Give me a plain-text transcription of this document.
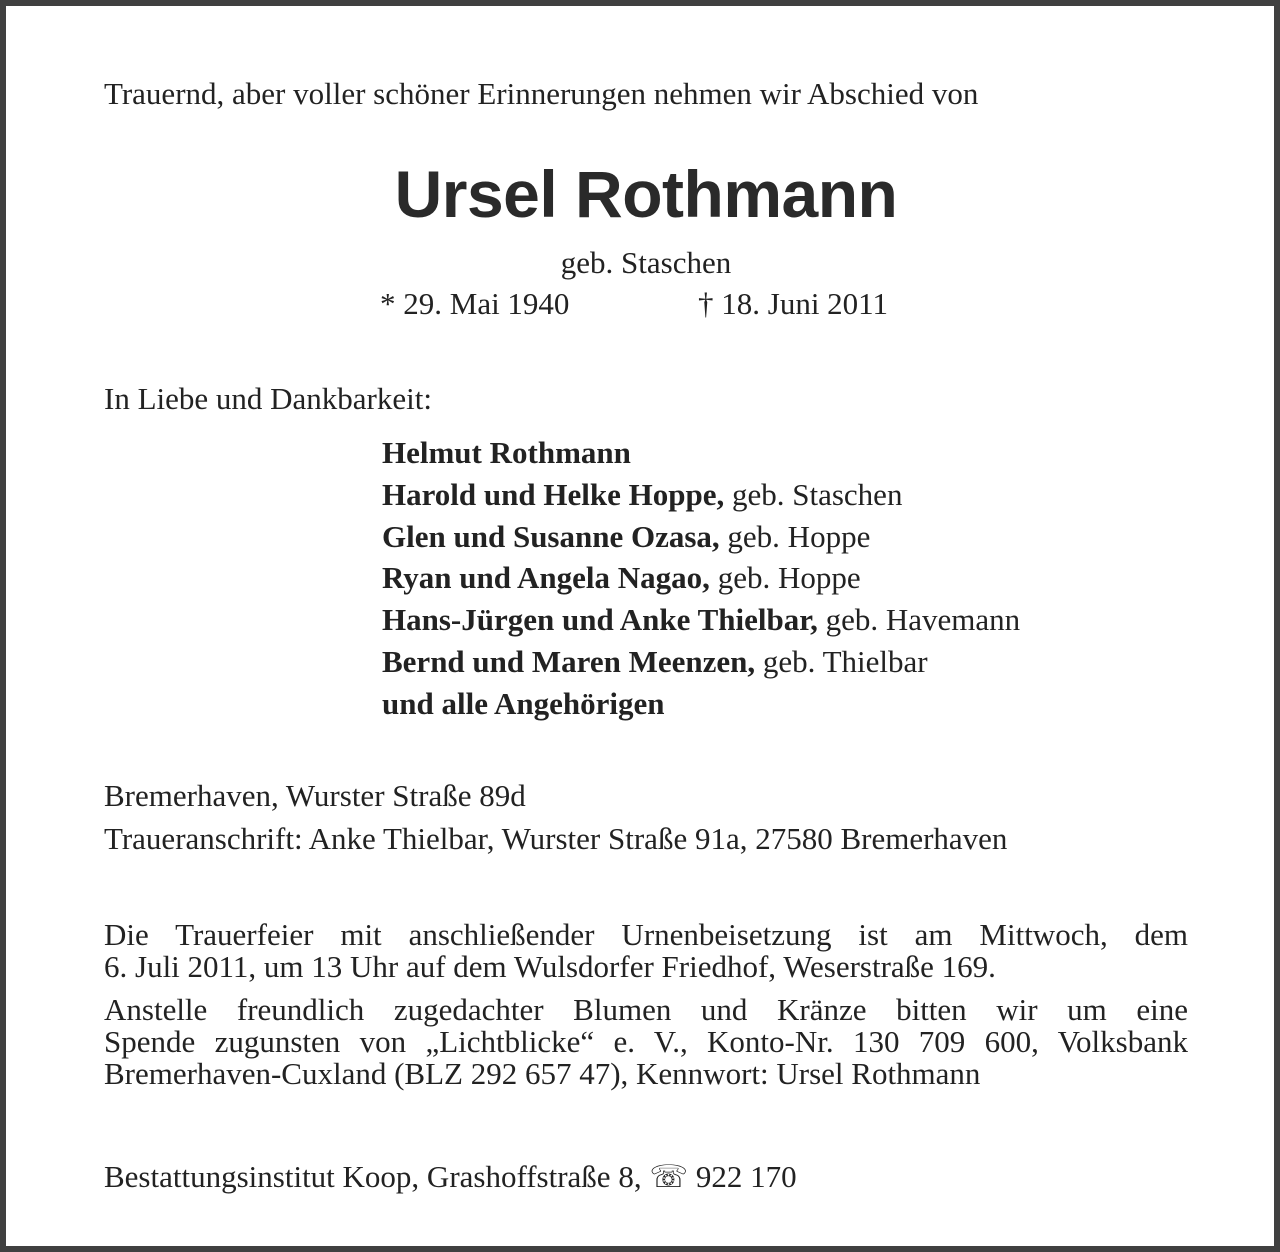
Trauernd, aber voller schöner Erinnerungen nehmen wir Abschied von
Ursel Rothmann
geb. Staschen
* 29. Mai 1940	† 18. Juni 2011
In Liebe und Dankbarkeit:
Helmut Rothmann
Harold und Helke Hoppe, geb. Staschen
Glen und Susanne Ozasa, geb. Hoppe
Ryan und Angela Nagao, geb. Hoppe
Hans-Jürgen und Anke Thielbar, geb. Havemann
Bernd und Maren Meenzen, geb. Thielbar
und alle Angehörigen
Bremerhaven, Wurster Straße 89d
Traueranschrift: Anke Thielbar, Wurster Straße 91a, 27580 Bremerhaven
Die Trauerfeier mit anschließender Urnenbeisetzung ist am Mittwoch, dem
6. Juli 2011, um 13 Uhr auf dem Wulsdorfer Friedhof, Weserstraße 169.
Anstelle freundlich zugedachter Blumen und Kränze bitten wir um eine
Spende zugunsten von „Lichtblicke“ e. V., Konto-Nr. 130 709 600, Volksbank
Bremerhaven-Cuxland (BLZ 292 657 47), Kennwort: Ursel Rothmann
Bestattungsinstitut Koop, Grashoffstraße 8, ☏ 922 170
